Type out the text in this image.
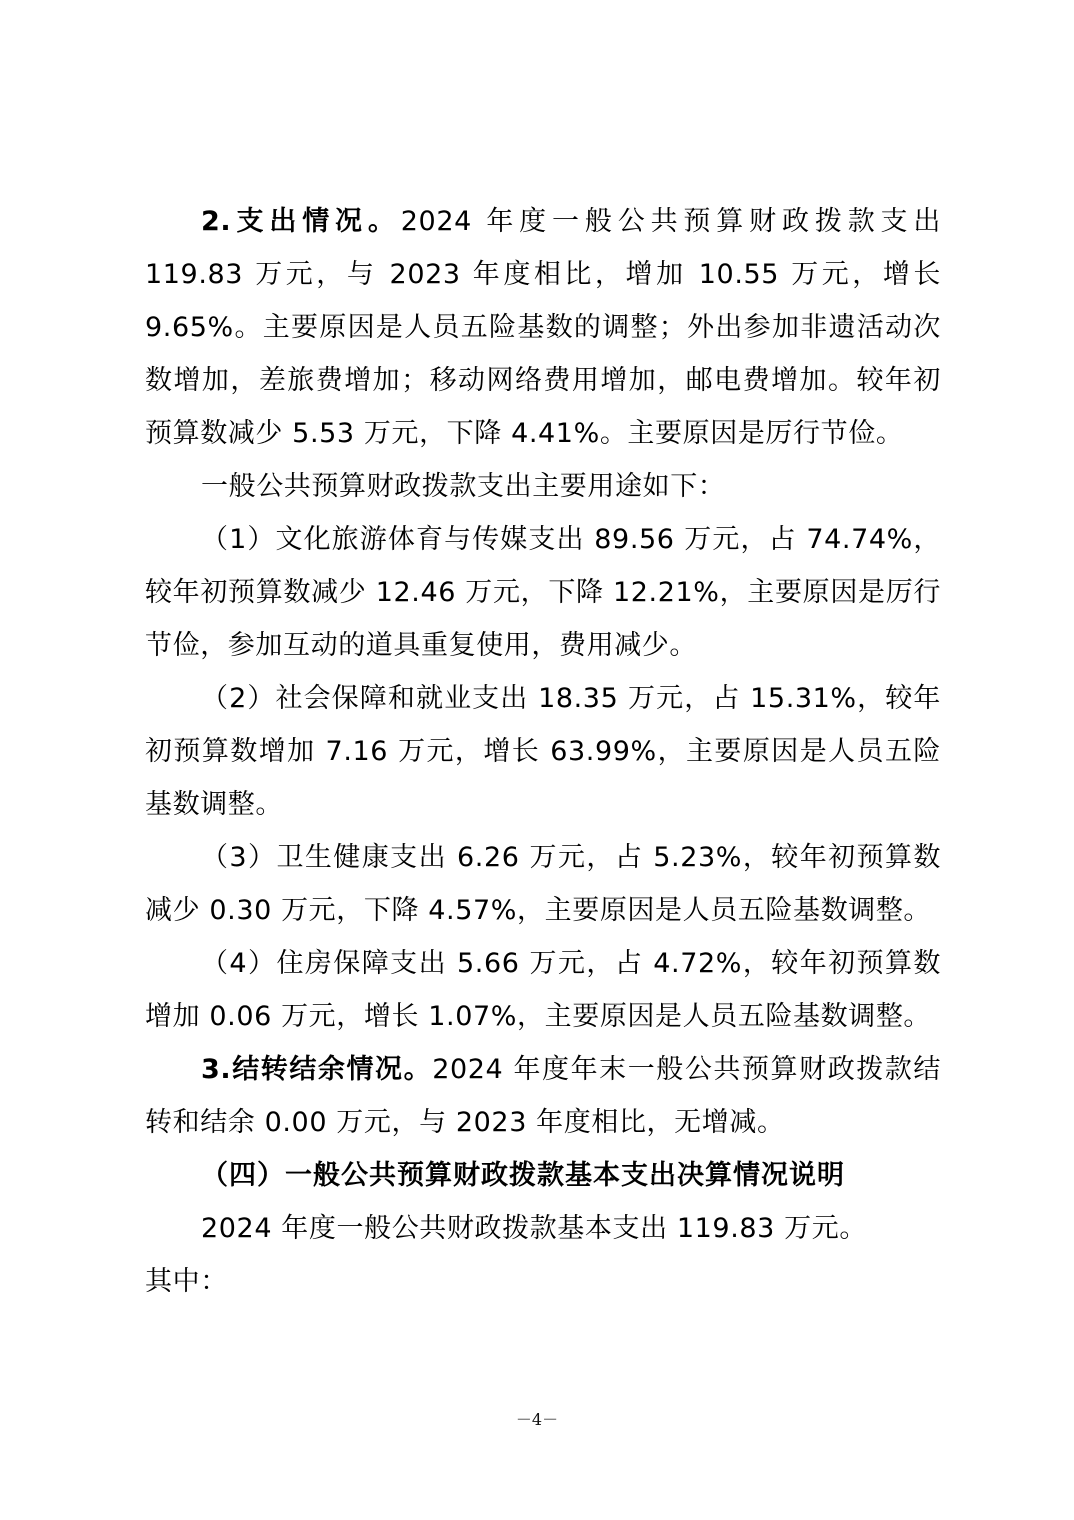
2.支出情况。2024 年度一般公共预算财政拨款支出 119.83 万元，与 2023 年度相比，增加 10.55 万元，增长 9.65%。主要原因是人员五险基数的调整；外出参加非遗活动次数增加，差旅费增加；移动网络费用增加，邮电费增加。较年初预算数减少 5.53 万元，下降 4.41%。主要原因是厉行节俭。

一般公共预算财政拨款支出主要用途如下：

（1）文化旅游体育与传媒支出 89.56 万元，占 74.74%，较年初预算数减少 12.46 万元，下降 12.21%，主要原因是厉行节俭，参加互动的道具重复使用，费用减少。

（2）社会保障和就业支出 18.35 万元，占 15.31%，较年初预算数增加 7.16 万元，增长 63.99%，主要原因是人员五险基数调整。

（3）卫生健康支出 6.26 万元，占 5.23%，较年初预算数减少 0.30 万元，下降 4.57%，主要原因是人员五险基数调整。

（4）住房保障支出 5.66 万元，占 4.72%，较年初预算数增加 0.06 万元，增长 1.07%，主要原因是人员五险基数调整。

3.结转结余情况。2024 年度年末一般公共预算财政拨款结转和结余 0.00 万元，与 2023 年度相比，无增减。

（四）一般公共预算财政拨款基本支出决算情况说明

2024 年度一般公共财政拨款基本支出 119.83 万元。

其中：

－4－
